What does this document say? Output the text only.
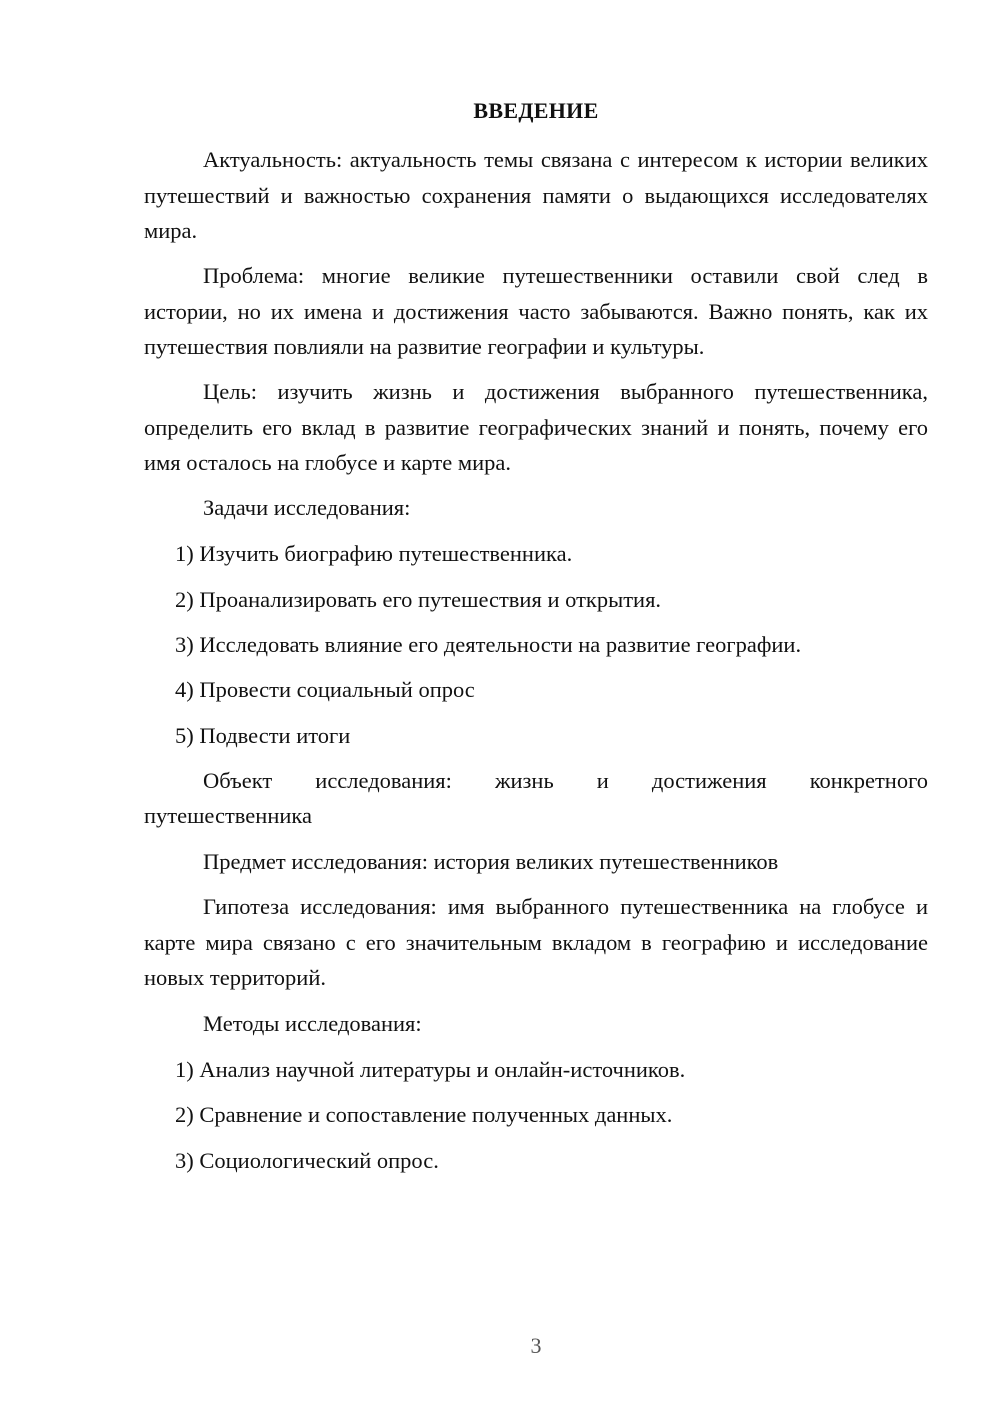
ВВЕДЕНИЕ
Актуальность: актуальность темы связана с интересом к истории великих путешествий и важностью сохранения памяти о выдающихся исследователях мира.
Проблема: многие великие путешественники оставили свой след в истории, но их имена и достижения часто забываются. Важно понять, как их путешествия повлияли на развитие географии и культуры.
Цель: изучить жизнь и достижения выбранного путешественника, определить его вклад в развитие географических знаний и понять, почему его имя осталось на глобусе и карте мира.
Задачи исследования:
1) Изучить биографию путешественника.
2) Проанализировать его путешествия и открытия.
3) Исследовать влияние его деятельности на развитие географии.
4) Провести социальный опрос
5) Подвести итоги
Объект исследования: жизнь и достижения конкретного
путешественника
Предмет исследования: история великих путешественников
Гипотеза исследования: имя выбранного путешественника на глобусе и карте мира связано с его значительным вкладом в географию и исследование новых территорий.
Методы исследования:
1) Анализ научной литературы и онлайн-источников.
2) Сравнение и сопоставление полученных данных.
3) Социологический опрос.
3
